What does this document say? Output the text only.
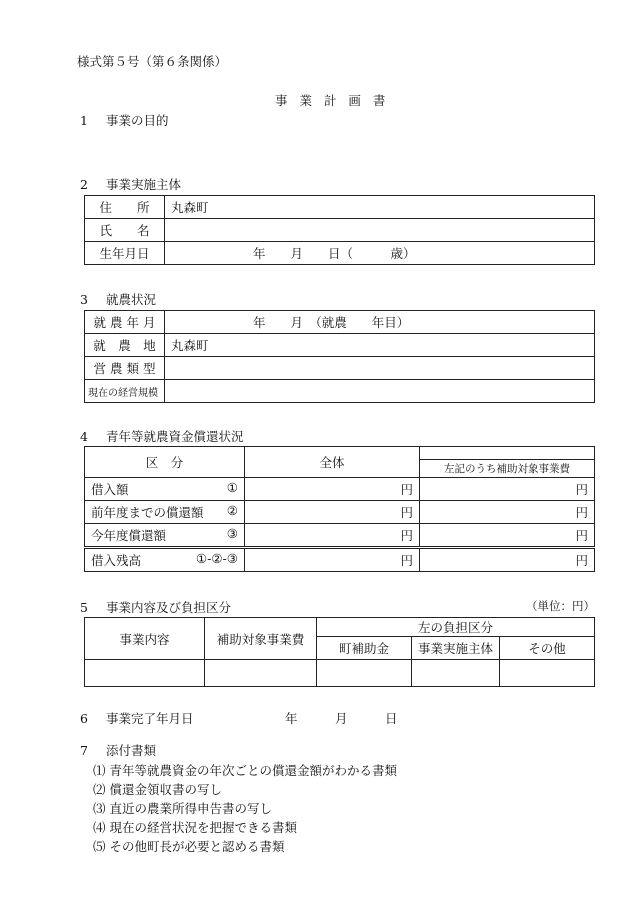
様式第５号（第６条関係）
事 業 計 画 書
1 事業の目的
2 事業実施主体
住　　所	丸森町
氏　　名	
生年月日	年　　月　　日（　　　歳）
3 就農状況
就 農 年 月	年　　月　（就農　　年目）
就　農　地	丸森町
営 農 類 型	
現在の経営規模	
4 青年等就農資金償還状況
区　分	全体	
		左記のうち補助対象事業費
借入額 ①	円	円
前年度までの償還額 ②	円	円
今年度償還額 ③	円	円
借入残高 ①-②-③	円	円
5 事業内容及び負担区分	（単位：円）
事業内容	補助対象事業費	左の負担区分		
		町補助金	事業実施主体	その他

6 事業完了年月日	年　　　月　　　日
7 添付書類
⑴ 青年等就農資金の年次ごとの償還金額がわかる書類
⑵ 償還金領収書の写し
⑶ 直近の農業所得申告書の写し
⑷ 現在の経営状況を把握できる書類
⑸ その他町長が必要と認める書類
